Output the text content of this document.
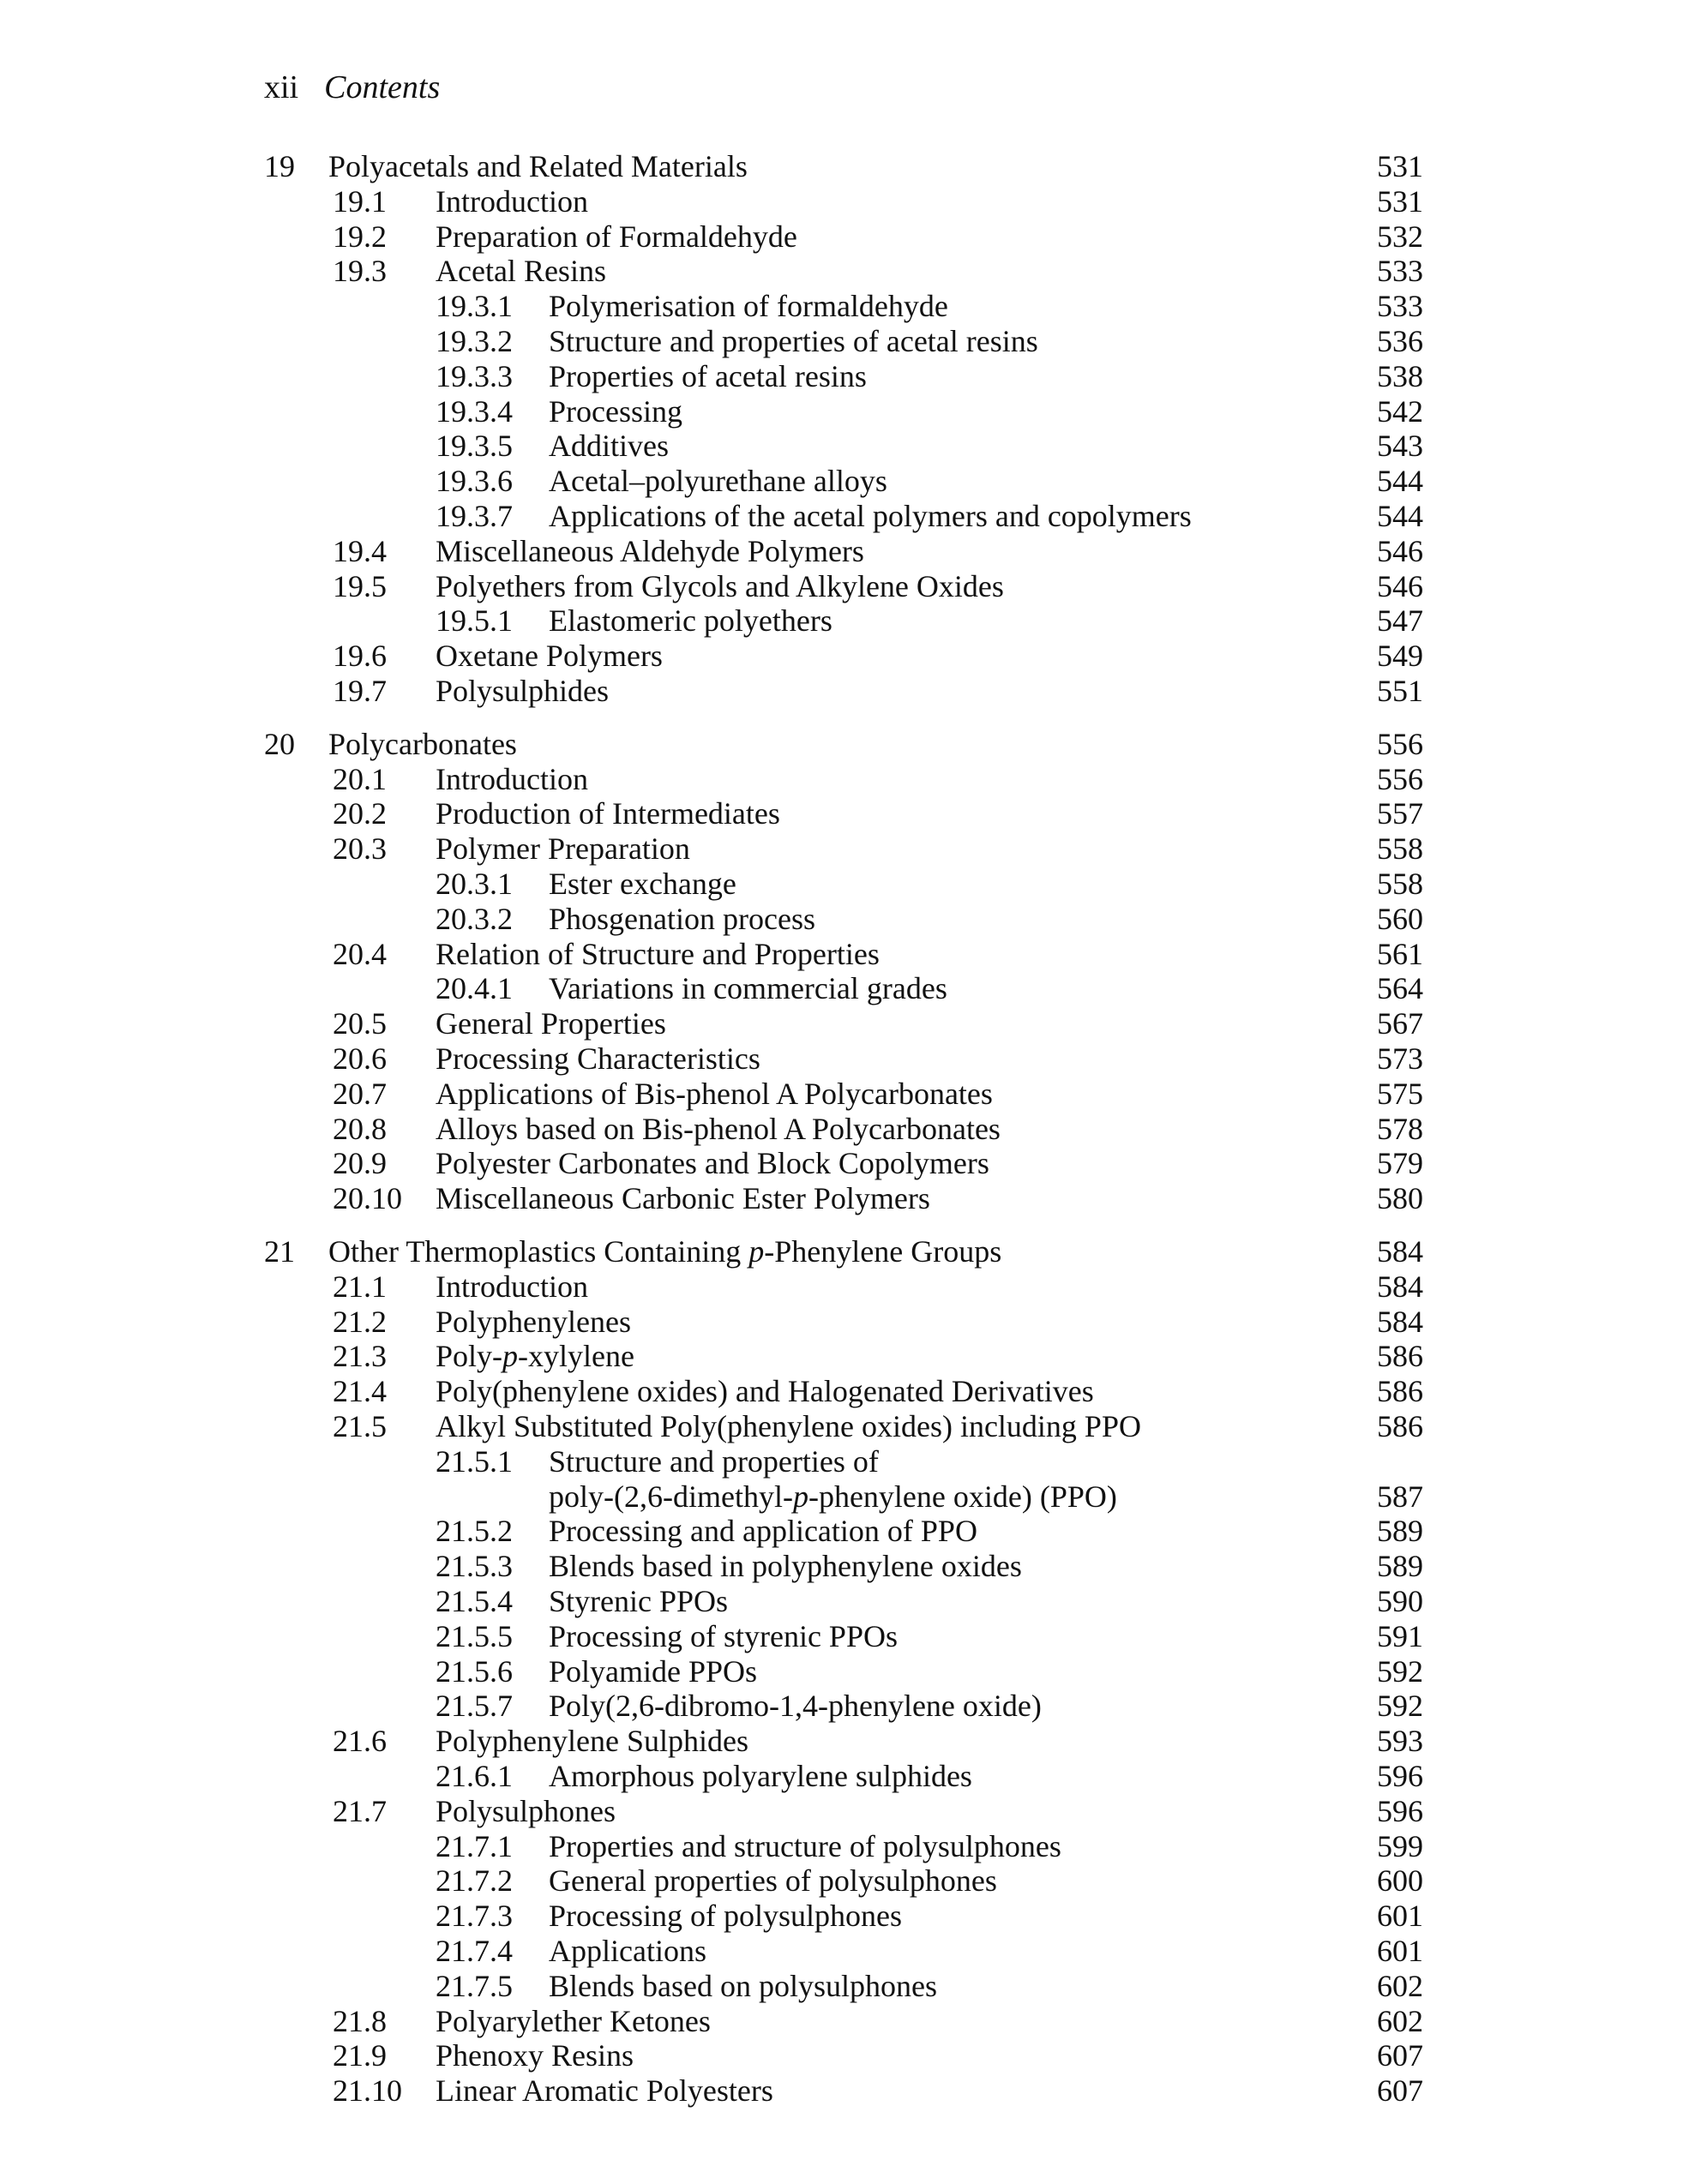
xii Contents
19 Polyacetals and Related Materials	531
19.1 Introduction	531
19.2 Preparation of Formaldehyde	532
19.3 Acetal Resins	533
19.3.1 Polymerisation of formaldehyde	533
19.3.2 Structure and properties of acetal resins	536
19.3.3 Properties of acetal resins	538
19.3.4 Processing	542
19.3.5 Additives	543
19.3.6 Acetal–polyurethane alloys	544
19.3.7 Applications of the acetal polymers and copolymers	544
19.4 Miscellaneous Aldehyde Polymers	546
19.5 Polyethers from Glycols and Alkylene Oxides	546
19.5.1 Elastomeric polyethers	547
19.6 Oxetane Polymers	549
19.7 Polysulphides	551
20 Polycarbonates	556
20.1 Introduction	556
20.2 Production of Intermediates	557
20.3 Polymer Preparation	558
20.3.1 Ester exchange	558
20.3.2 Phosgenation process	560
20.4 Relation of Structure and Properties	561
20.4.1 Variations in commercial grades	564
20.5 General Properties	567
20.6 Processing Characteristics	573
20.7 Applications of Bis-phenol A Polycarbonates	575
20.8 Alloys based on Bis-phenol A Polycarbonates	578
20.9 Polyester Carbonates and Block Copolymers	579
20.10 Miscellaneous Carbonic Ester Polymers	580
21 Other Thermoplastics Containing p-Phenylene Groups	584
21.1 Introduction	584
21.2 Polyphenylenes	584
21.3 Poly-p-xylylene	586
21.4 Poly(phenylene oxides) and Halogenated Derivatives	586
21.5 Alkyl Substituted Poly(phenylene oxides) including PPO	586
21.5.1 Structure and properties of
poly-(2,6-dimethyl-p-phenylene oxide) (PPO)	587
21.5.2 Processing and application of PPO	589
21.5.3 Blends based in polyphenylene oxides	589
21.5.4 Styrenic PPOs	590
21.5.5 Processing of styrenic PPOs	591
21.5.6 Polyamide PPOs	592
21.5.7 Poly(2,6-dibromo-1,4-phenylene oxide)	592
21.6 Polyphenylene Sulphides	593
21.6.1 Amorphous polyarylene sulphides	596
21.7 Polysulphones	596
21.7.1 Properties and structure of polysulphones	599
21.7.2 General properties of polysulphones	600
21.7.3 Processing of polysulphones	601
21.7.4 Applications	601
21.7.5 Blends based on polysulphones	602
21.8 Polyarylether Ketones	602
21.9 Phenoxy Resins	607
21.10 Linear Aromatic Polyesters	607
